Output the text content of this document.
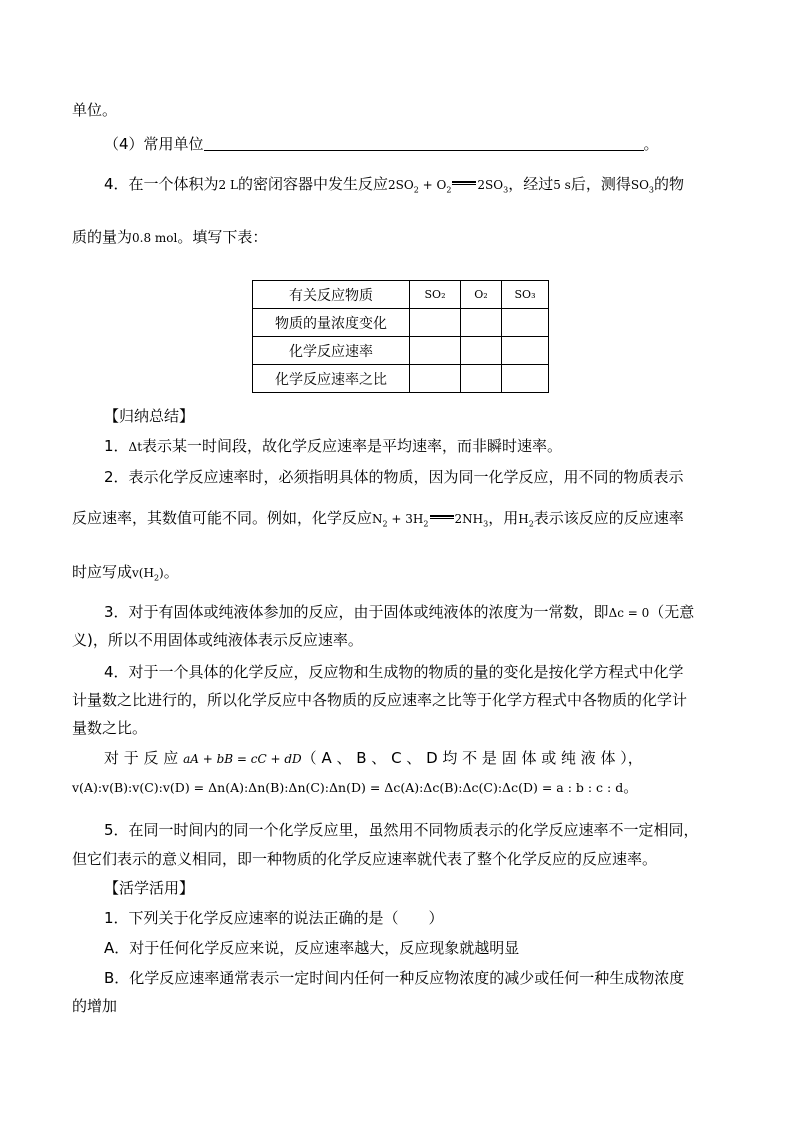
单位。
（4）常用单位	。
4．在一个体积为2 L的密闭容器中发生反应$2SO_2 + O_2$ $2SO_3$，经过5 s后，测得$SO_3$的物
质的量为0.8 mol。填写下表：
有关反应物质	SO₂	O₂	SO₃
物质的量浓度变化			
化学反应速率			
化学反应速率之比			
【归纳总结】
1．Δt表示某一时间段，故化学反应速率是平均速率，而非瞬时速率。
2．表示化学反应速率时，必须指明具体的物质，因为同一化学反应，用不同的物质表示
反应速率，其数值可能不同。例如，化学反应$N_2 + 3H_2$ $2NH_3$，用$H_2$表示该反应的反应速率
时应写成$v(H_2)$。
3．对于有固体或纯液体参加的反应，由于固体或纯液体的浓度为一常数，即Δc = 0（无意
义)，所以不用固体或纯液体表示反应速率。
4．对于一个具体的化学反应，反应物和生成物的物质的量的变化是按化学方程式中化学
计量数之比进行的，所以化学反应中各物质的反应速率之比等于化学方程式中各物质的化学计
量数之比。
对 于 反 应 aA + bB = cC + dD（ A 、 B 、 C 、 D 均 不 是 固 体 或 纯 液 体 ），
v(A):v(B):v(C):v(D) = Δn(A):Δn(B):Δn(C):Δn(D) = Δc(A):Δc(B):Δc(C):Δc(D) = a : b : c : d。
5．在同一时间内的同一个化学反应里，虽然用不同物质表示的化学反应速率不一定相同，
但它们表示的意义相同，即一种物质的化学反应速率就代表了整个化学反应的反应速率。
【活学活用】
1．下列关于化学反应速率的说法正确的是（　　）
A．对于任何化学反应来说，反应速率越大，反应现象就越明显
B．化学反应速率通常表示一定时间内任何一种反应物浓度的减少或任何一种生成物浓度
的增加
